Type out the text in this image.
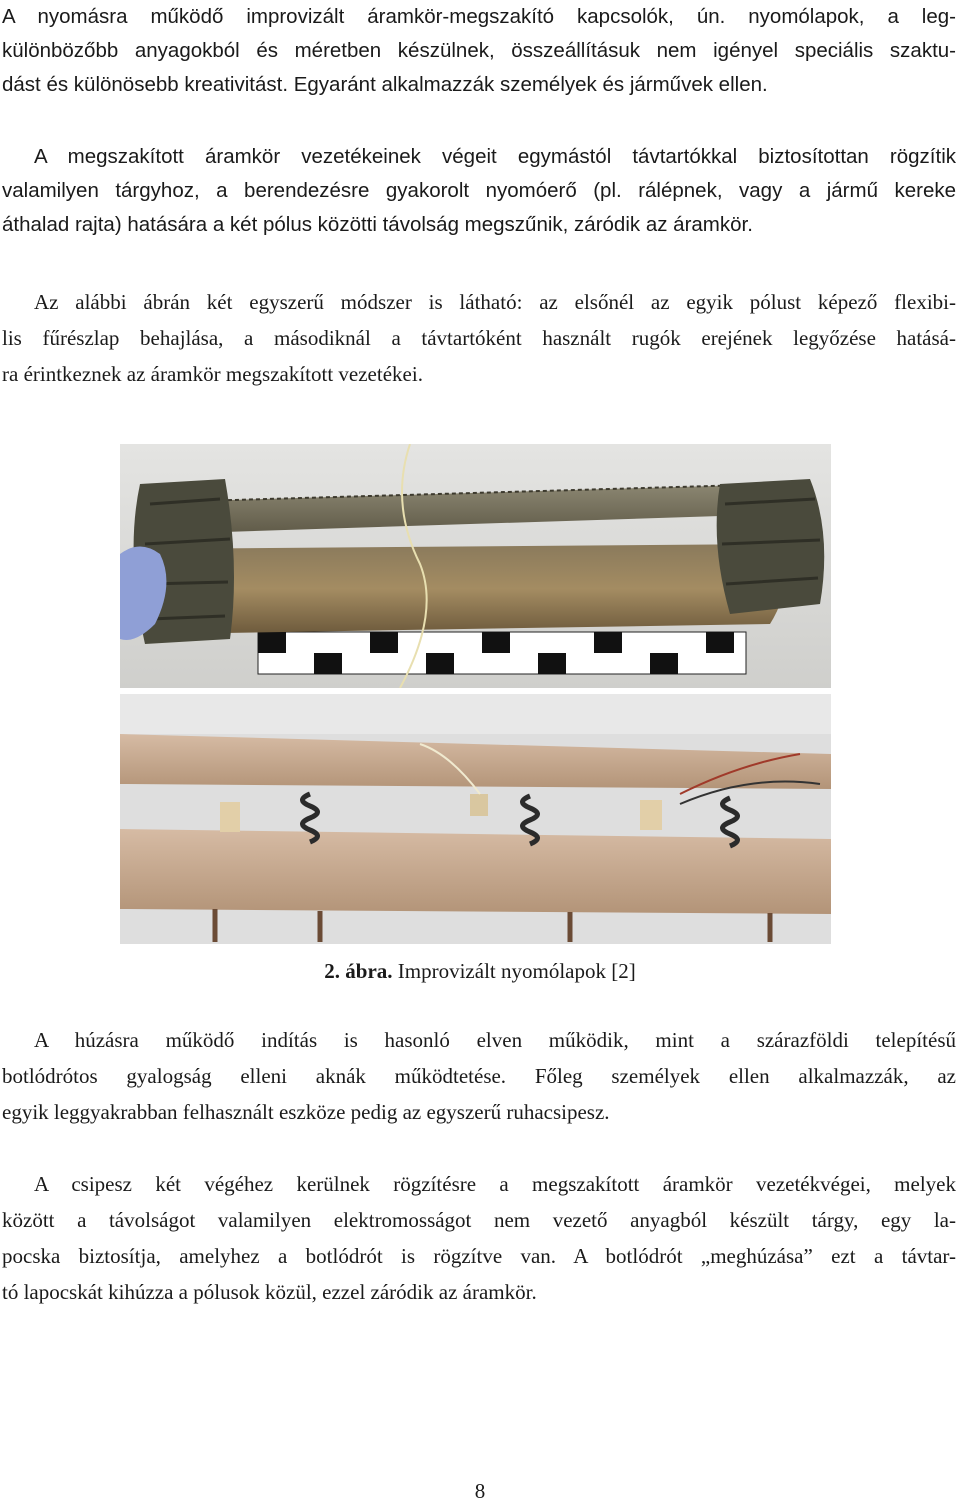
A nyomásra működő improvizált áramkör-megszakító kapcsolók, ún. nyomólapok, a leg-
különbözőbb anyagokból és méretben készülnek, összeállításuk nem igényel speciális szaktu-
dást és különösebb kreativitást. Egyaránt alkalmazzák személyek és járművek ellen.
A megszakított áramkör vezetékeinek végeit egymástól távtartókkal biztosítottan rögzítik
valamilyen tárgyhoz, a berendezésre gyakorolt nyomóerő (pl. rálépnek, vagy a jármű kereke
áthalad rajta) hatására a két pólus közötti távolság megszűnik, záródik az áramkör.
Az alábbi ábrán két egyszerű módszer is látható: az elsőnél az egyik pólust képező flexibi-
lis fűrészlap behajlása, a másodiknál a távtartóként használt rugók erejének legyőzése hatásá-
ra érintkeznek az áramkör megszakított vezetékei.
2. ábra. Improvizált nyomólapok [2]
A húzásra működő indítás is hasonló elven működik, mint a szárazföldi telepítésű
botlódrótos gyalogság elleni aknák működtetése. Főleg személyek ellen alkalmazzák, az
egyik leggyakrabban felhasznált eszköze pedig az egyszerű ruhacsipesz.
A csipesz két végéhez kerülnek rögzítésre a megszakított áramkör vezetékvégei, melyek
között a távolságot valamilyen elektromosságot nem vezető anyagból készült tárgy, egy la-
pocska biztosítja, amelyhez a botlódrót is rögzítve van. A botlódrót „meghúzása” ezt a távtar-
tó lapocskát kihúzza a pólusok közül, ezzel záródik az áramkör.
8
